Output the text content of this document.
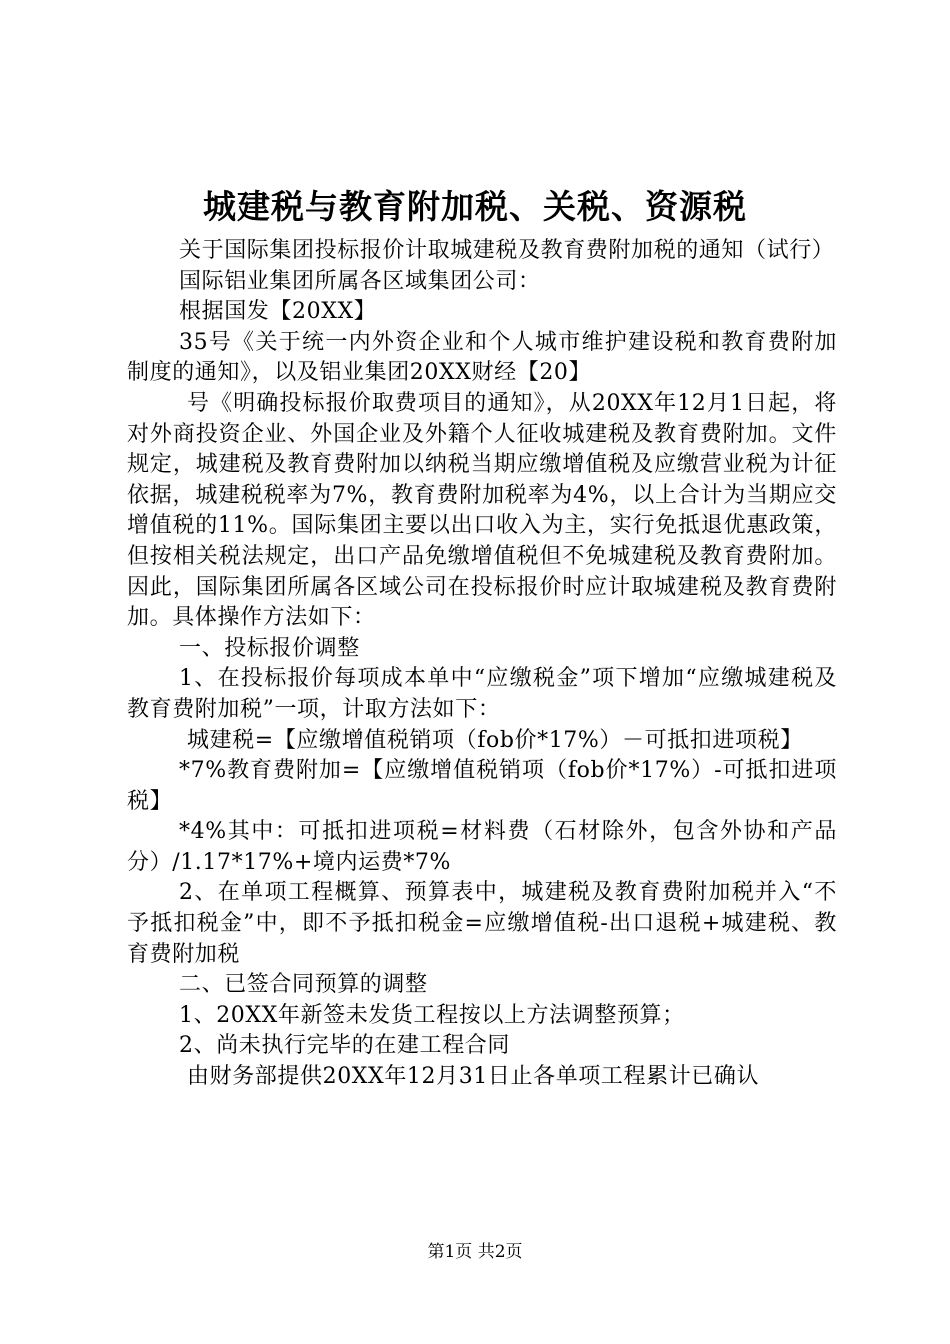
城建税与教育附加税、关税、资源税

关于国际集团投标报价计取城建税及教育费附加税的通知（试行）

国际铝业集团所属各区域集团公司：

根据国发【20XX】

35号《关于统一内外资企业和个人城市维护建设税和教育费附加制度的通知》，以及铝业集团20XX财经【20】

号《明确投标报价取费项目的通知》，从20XX年12月1日起，将对外商投资企业、外国企业及外籍个人征收城建税及教育费附加。文件规定，城建税及教育费附加以纳税当期应缴增值税及应缴营业税为计征依据，城建税税率为7%，教育费附加税率为4%，以上合计为当期应交增值税的11%。国际集团主要以出口收入为主，实行免抵退优惠政策，但按相关税法规定，出口产品免缴增值税但不免城建税及教育费附加。因此，国际集团所属各区域公司在投标报价时应计取城建税及教育费附加。具体操作方法如下：

一、投标报价调整

1、在投标报价每项成本单中“应缴税金”项下增加“应缴城建税及教育费附加税”一项，计取方法如下：

城建税=【应缴增值税销项（fob价*17%）－可抵扣进项税】

*7%教育费附加=【应缴增值税销项（fob价*17%）-可抵扣进项税】

*4%其中：可抵扣进项税=材料费（石材除外，包含外协和产品分）/1.17*17%+境内运费*7%

2、在单项工程概算、预算表中，城建税及教育费附加税并入“不予抵扣税金”中，即不予抵扣税金=应缴增值税-出口退税+城建税、教育费附加税

二、已签合同预算的调整

1、20XX年新签未发货工程按以上方法调整预算；

2、尚未执行完毕的在建工程合同

由财务部提供20XX年12月31日止各单项工程累计已确认

第1页 共2页
